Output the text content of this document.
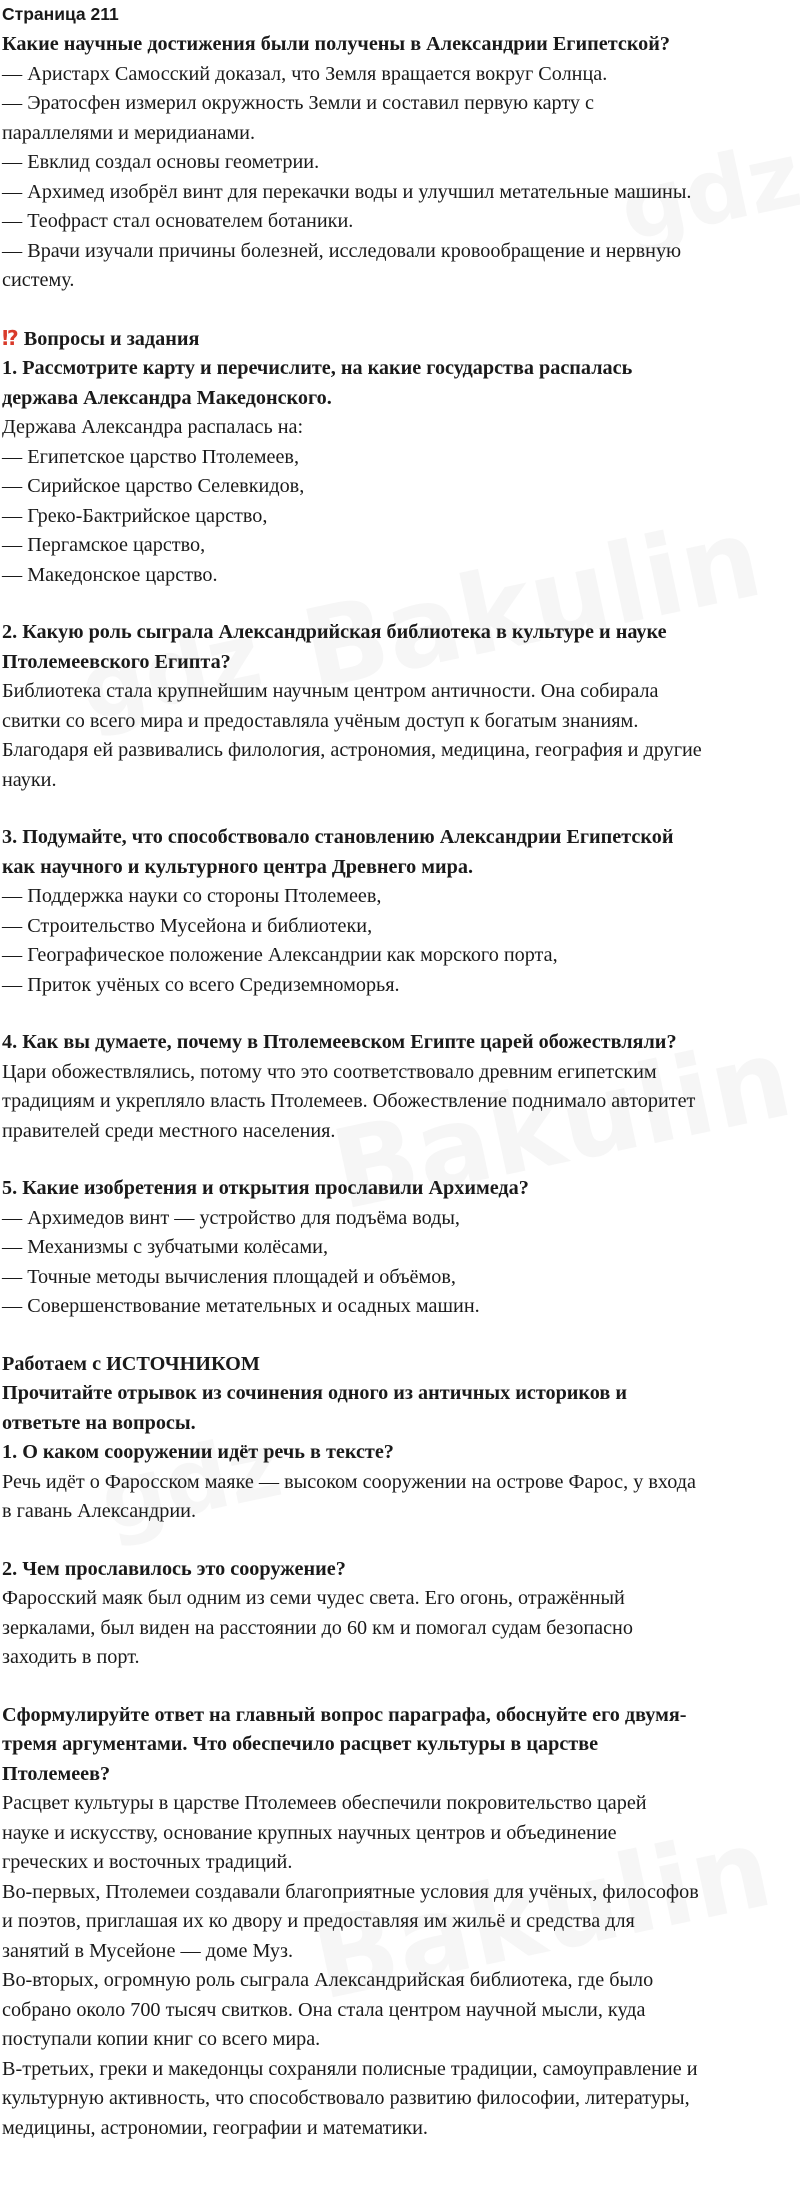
Страница 211

Какие научные достижения были получены в Александрии Египетской?

— Аристарх Самосский доказал, что Земля вращается вокруг Солнца.

— Эратосфен измерил окружность Земли и составил первую карту с

параллелями и меридианами.

— Евклид создал основы геометрии.

— Архимед изобрёл винт для перекачки воды и улучшил метательные машины.

— Теофраст стал основателем ботаники.

— Врачи изучали причины болезней, исследовали кровообращение и нервную

систему.

⁉ Вопросы и задания

1. Рассмотрите карту и перечислите, на какие государства распалась

держава Александра Македонского.

Держава Александра распалась на:

— Египетское царство Птолемеев,

— Сирийское царство Селевкидов,

— Греко-Бактрийское царство,

— Пергамское царство,

— Македонское царство.

2. Какую роль сыграла Александрийская библиотека в культуре и науке

Птолемеевского Египта?

Библиотека стала крупнейшим научным центром античности. Она собирала

свитки со всего мира и предоставляла учёным доступ к богатым знаниям.

Благодаря ей развивались филология, астрономия, медицина, география и другие

науки.

3. Подумайте, что способствовало становлению Александрии Египетской

как научного и культурного центра Древнего мира.

— Поддержка науки со стороны Птолемеев,

— Строительство Мусейона и библиотеки,

— Географическое положение Александрии как морского порта,

— Приток учёных со всего Средиземноморья.

4. Как вы думаете, почему в Птолемеевском Египте царей обожествляли?

Цари обожествлялись, потому что это соответствовало древним египетским

традициям и укрепляло власть Птолемеев. Обожествление поднимало авторитет

правителей среди местного населения.

5. Какие изобретения и открытия прославили Архимеда?

— Архимедов винт — устройство для подъёма воды,

— Механизмы с зубчатыми колёсами,

— Точные методы вычисления площадей и объёмов,

— Совершенствование метательных и осадных машин.

Работаем с ИСТОЧНИКОМ

Прочитайте отрывок из сочинения одного из античных историков и

ответьте на вопросы.

1. О каком сооружении идёт речь в тексте?

Речь идёт о Фаросском маяке — высоком сооружении на острове Фарос, у входа

в гавань Александрии.

2. Чем прославилось это сооружение?

Фаросский маяк был одним из семи чудес света. Его огонь, отражённый

зеркалами, был виден на расстоянии до 60 км и помогал судам безопасно

заходить в порт.

Сформулируйте ответ на главный вопрос параграфа, обоснуйте его двумя-

тремя аргументами. Что обеспечило расцвет культуры в царстве

Птолемеев?

Расцвет культуры в царстве Птолемеев обеспечили покровительство царей

науке и искусству, основание крупных научных центров и объединение

греческих и восточных традиций.

Во-первых, Птолемеи создавали благоприятные условия для учёных, философов

и поэтов, приглашая их ко двору и предоставляя им жильё и средства для

занятий в Мусейоне — доме Муз.

Во-вторых, огромную роль сыграла Александрийская библиотека, где было

собрано около 700 тысяч свитков. Она стала центром научной мысли, куда

поступали копии книг со всего мира.

В-третьих, греки и македонцы сохраняли полисные традиции, самоуправление и

культурную активность, что способствовало развитию философии, литературы,

медицины, астрономии, географии и математики.
